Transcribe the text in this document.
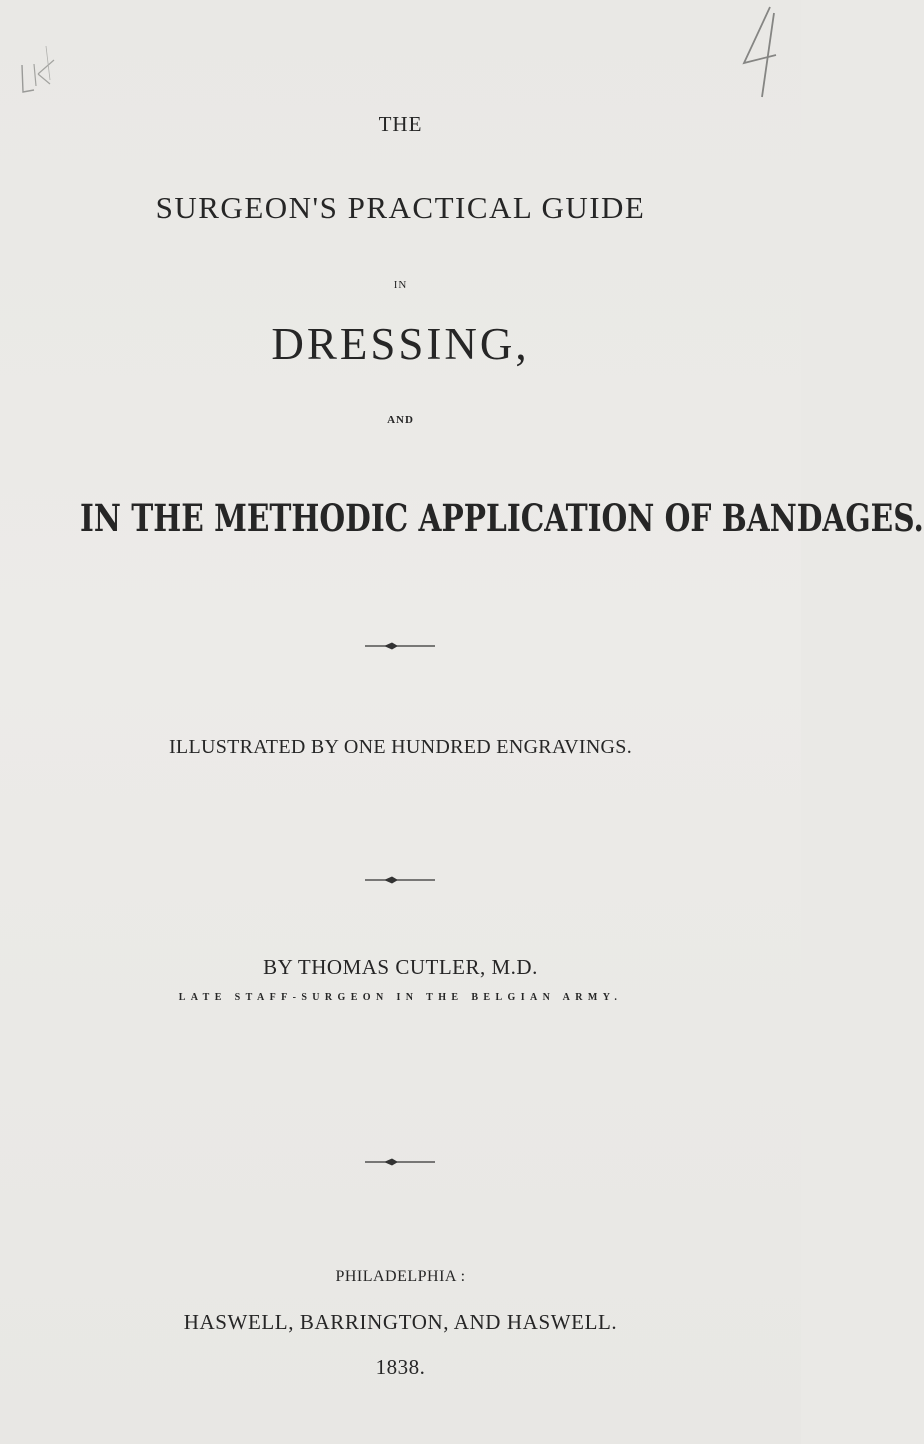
THE
SURGEON'S PRACTICAL GUIDE
IN
DRESSING,
AND
IN THE METHODIC APPLICATION OF BANDAGES.
ILLUSTRATED BY ONE HUNDRED ENGRAVINGS.
BY THOMAS CUTLER, M.D.
LATE STAFF-SURGEON IN THE BELGIAN ARMY.
PHILADELPHIA :
HASWELL, BARRINGTON, AND HASWELL.
1838.
